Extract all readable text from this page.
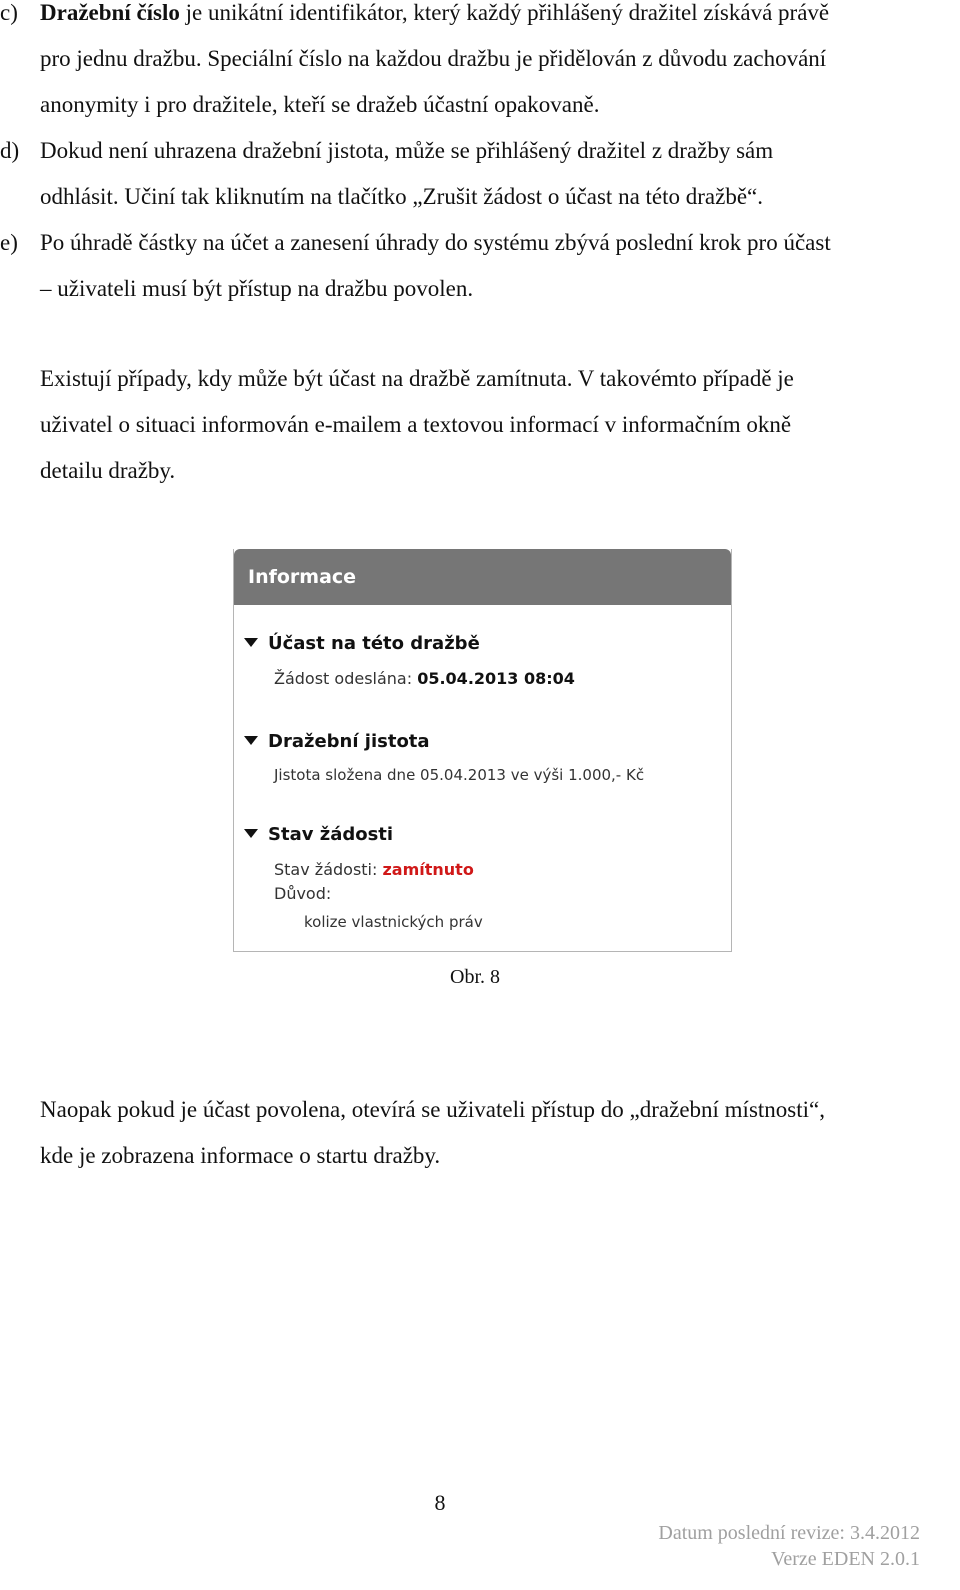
c) Dražební číslo je unikátní identifikátor, který každý přihlášený dražitel získává právě
pro jednu dražbu. Speciální číslo na každou dražbu je přidělován z důvodu zachování
anonymity i pro dražitele, kteří se dražeb účastní opakovaně.
d) Dokud není uhrazena dražební jistota, může se přihlášený dražitel z dražby sám
odhlásit. Učiní tak kliknutím na tlačítko „Zrušit žádost o účast na této dražbě“.
e) Po úhradě částky na účet a zanesení úhrady do systému zbývá poslední krok pro účast
– uživateli musí být přístup na dražbu povolen.
Existují případy, kdy může být účast na dražbě zamítnuta. V takovémto případě je
uživatel o situaci informován e-mailem a textovou informací v informačním okně
detailu dražby.
Informace
Účast na této dražbě
Žádost odeslána: 05.04.2013 08:04
Dražební jistota
Jistota složena dne 05.04.2013 ve výši 1.000,- Kč
Stav žádosti
Stav žádosti: zamítnuto
Důvod:
kolize vlastnických práv
Obr. 8
Naopak pokud je účast povolena, otevírá se uživateli přístup do „dražební místnosti“,
kde je zobrazena informace o startu dražby.
8
Datum poslední revize: 3.4.2012
Verze EDEN 2.0.1
